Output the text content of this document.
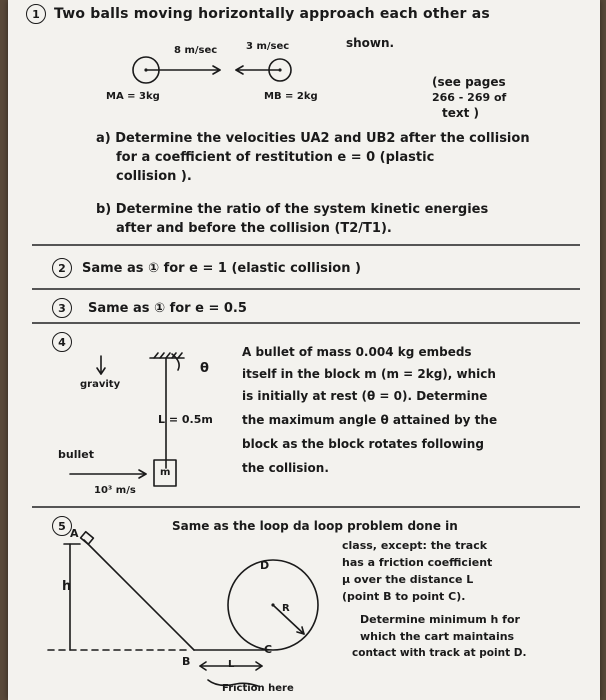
1	Two balls moving horizontally approach each other as
shown.
8 m/sec	3 m/sec
MA = 3kg	MB = 2kg
(see pages
266 - 269 of
text )
a) Determine the velocities UA2 and UB2 after the collision
for a coefficient of restitution e = 0 (plastic
collision ).
b) Determine the ratio of the system kinetic energies
after and before the collision (T2/T1).
2	Same as ① for e = 1 (elastic collision )
3	Same as ① for e = 0.5
4
θ
gravity
L = 0.5m
bullet
10³ m/s
m
A bullet of mass 0.004 kg embeds
itself in the block m (m = 2kg), which
is initially at rest (θ = 0). Determine
the maximum angle θ attained by the
block as the block rotates following
the collision.
5
A
h
B
C
D
R
L
Friction here
Same as the loop da loop problem done in
class, except: the track
has a friction coefficient
μ over the distance L
(point B to point C).
Determine minimum h for
which the cart maintains
contact with track at point D.
